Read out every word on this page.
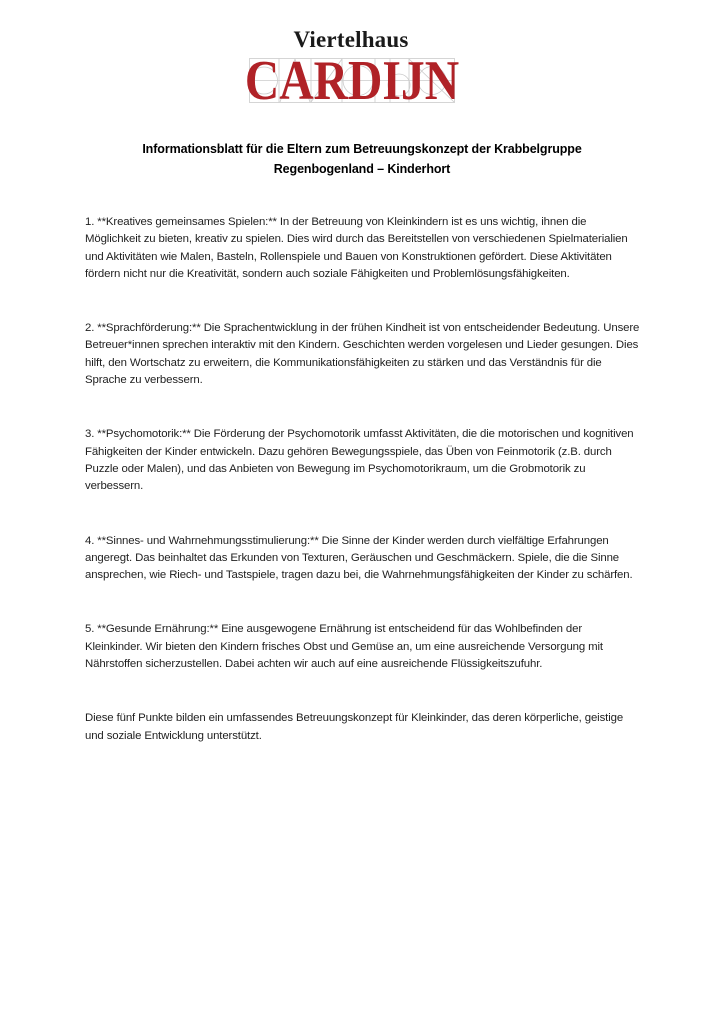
Viertelhaus
CARDIJN
Informationsblatt für die Eltern zum Betreuungskonzept der Krabbelgruppe
Regenbogenland – Kinderhort

1. **Kreatives gemeinsames Spielen:** In der Betreuung von Kleinkindern ist es uns wichtig, ihnen die Möglichkeit zu bieten, kreativ zu spielen. Dies wird durch das Bereitstellen von verschiedenen Spielmaterialien und Aktivitäten wie Malen, Basteln, Rollenspiele und Bauen von Konstruktionen gefördert. Diese Aktivitäten fördern nicht nur die Kreativität, sondern auch soziale Fähigkeiten und Problemlösungsfähigkeiten.

2. **Sprachförderung:** Die Sprachentwicklung in der frühen Kindheit ist von entscheidender Bedeutung. Unsere Betreuer*innen sprechen interaktiv mit den Kindern. Geschichten werden vorgelesen und Lieder gesungen. Dies hilft, den Wortschatz zu erweitern, die Kommunikationsfähigkeiten zu stärken und das Verständnis für die Sprache zu verbessern.

3. **Psychomotorik:** Die Förderung der Psychomotorik umfasst Aktivitäten, die die motorischen und kognitiven Fähigkeiten der Kinder entwickeln. Dazu gehören Bewegungsspiele, das Üben von Feinmotorik (z.B. durch Puzzle oder Malen), und das Anbieten von Bewegung im Psychomotorikraum, um die Grobmotorik zu verbessern.

4. **Sinnes- und Wahrnehmungsstimulierung:** Die Sinne der Kinder werden durch vielfältige Erfahrungen angeregt. Das beinhaltet das Erkunden von Texturen, Geräuschen und Geschmäckern. Spiele, die die Sinne ansprechen, wie Riech- und Tastspiele, tragen dazu bei, die Wahrnehmungsfähigkeiten der Kinder zu schärfen.

5. **Gesunde Ernährung:** Eine ausgewogene Ernährung ist entscheidend für das Wohlbefinden der Kleinkinder. Wir bieten den Kindern frisches Obst und Gemüse an, um eine ausreichende Versorgung mit Nährstoffen sicherzustellen. Dabei achten wir auch auf eine ausreichende Flüssigkeitszufuhr.

Diese fünf Punkte bilden ein umfassendes Betreuungskonzept für Kleinkinder, das deren körperliche, geistige und soziale Entwicklung unterstützt.
